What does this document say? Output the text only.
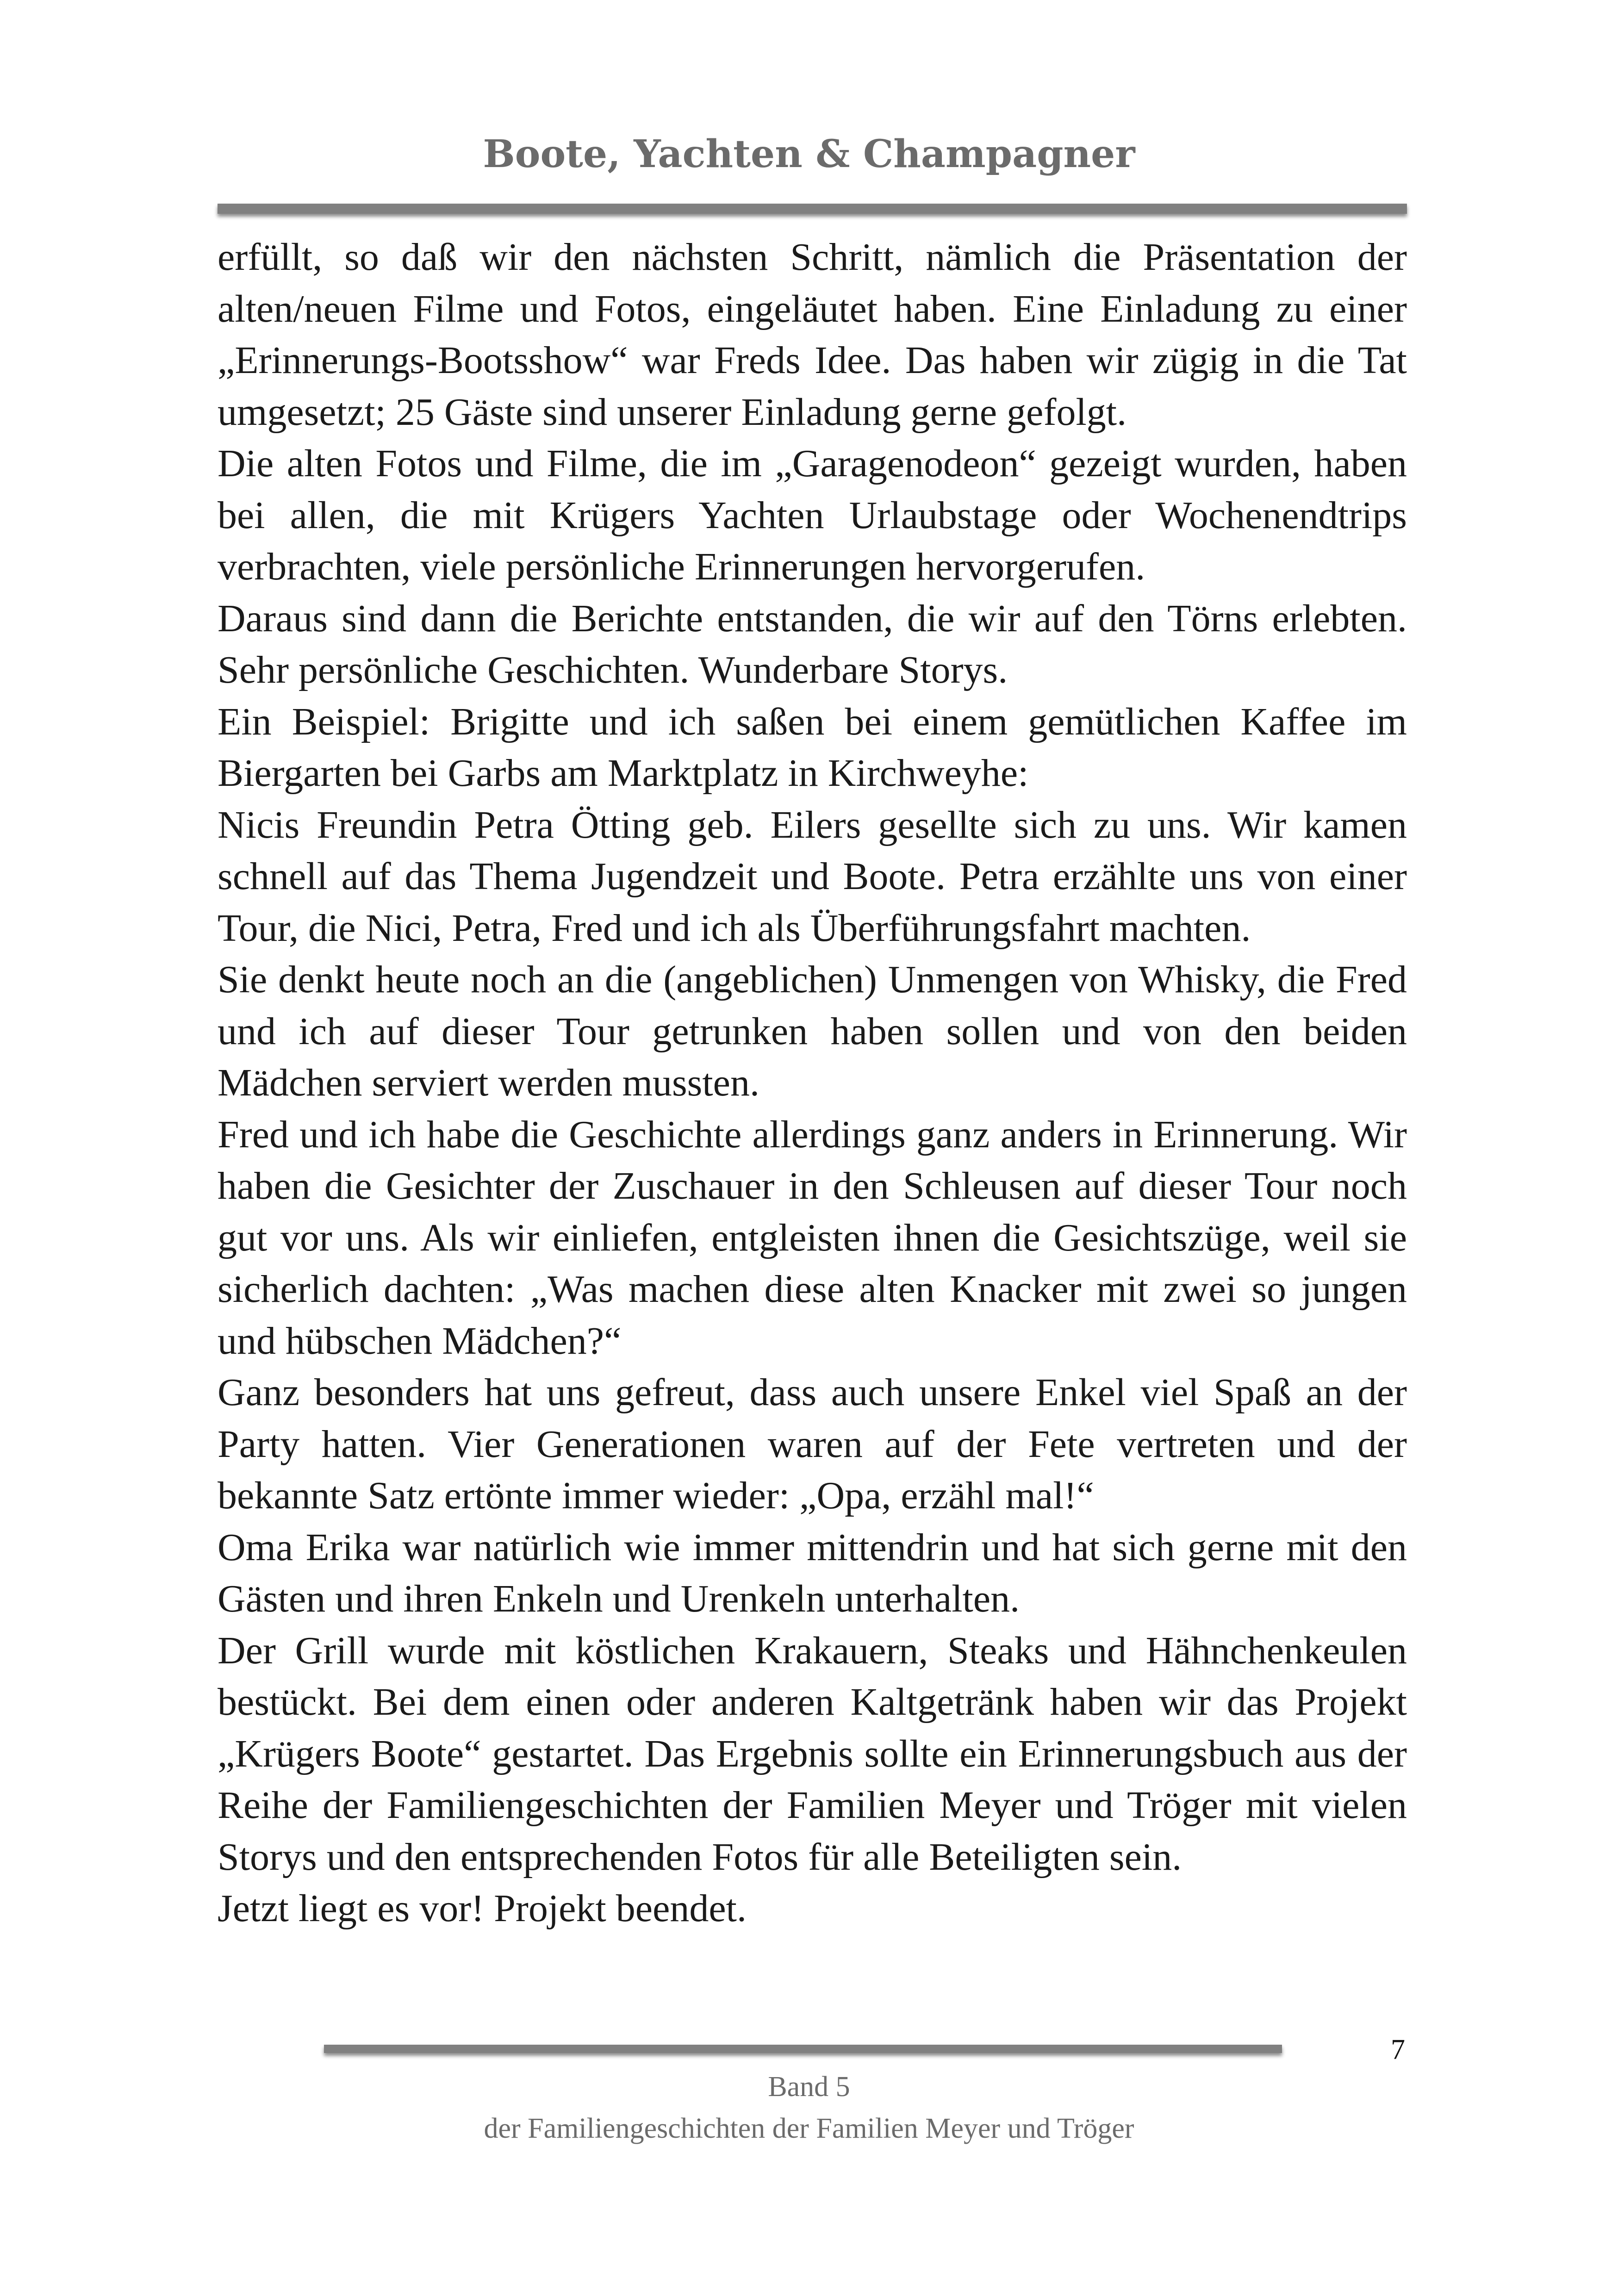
Boote, Yachten & Champagner

erfüllt, so daß wir den nächsten Schritt, nämlich die Präsentation der alten/neuen Filme und Fotos, eingeläutet haben. Eine Einladung zu einer „Erinnerungs-Bootsshow“ war Freds Idee. Das haben wir zügig in die Tat umgesetzt; 25 Gäste sind unserer Einladung gerne gefolgt.

Die alten Fotos und Filme, die im „Garagenodeon“ gezeigt wurden, haben bei allen, die mit Krügers Yachten Urlaubstage oder Wochenendtrips verbrachten, viele persönliche Erinnerungen hervorgerufen.

Daraus sind dann die Berichte entstanden, die wir auf den Törns erlebten. Sehr persönliche Geschichten. Wunderbare Storys.

Ein Beispiel: Brigitte und ich saßen bei einem gemütlichen Kaffee im Biergarten bei Garbs am Marktplatz in Kirchweyhe:

Nicis Freundin Petra Ötting geb. Eilers gesellte sich zu uns. Wir kamen schnell auf das Thema Jugendzeit und Boote. Petra erzählte uns von einer Tour, die Nici, Petra, Fred und ich als Überführungsfahrt machten.

Sie denkt heute noch an die (angeblichen) Unmengen von Whisky, die Fred und ich auf dieser Tour getrunken haben sollen und von den beiden Mädchen serviert werden mussten.

Fred und ich habe die Geschichte allerdings ganz anders in Erinnerung. Wir haben die Gesichter der Zuschauer in den Schleusen auf dieser Tour noch gut vor uns. Als wir einliefen, entgleisten ihnen die Gesichtszüge, weil sie sicherlich dachten: „Was machen diese alten Knacker mit zwei so jungen und hübschen Mädchen?“

Ganz besonders hat uns gefreut, dass auch unsere Enkel viel Spaß an der Party hatten. Vier Generationen waren auf der Fete vertreten und der bekannte Satz ertönte immer wieder: „Opa, erzähl mal!“

Oma Erika war natürlich wie immer mittendrin und hat sich gerne mit den Gästen und ihren Enkeln und Urenkeln unterhalten.

Der Grill wurde mit köstlichen Krakauern, Steaks und Hähnchenkeulen bestückt. Bei dem einen oder anderen Kaltgetränk haben wir das Projekt „Krügers Boote“ gestartet. Das Ergebnis sollte ein Erinnerungsbuch aus der Reihe der Familiengeschichten der Familien Meyer und Tröger mit vielen Storys und den entsprechenden Fotos für alle Beteiligten sein.

Jetzt liegt es vor! Projekt beendet.

7
Band 5
der Familiengeschichten der Familien Meyer und Tröger
